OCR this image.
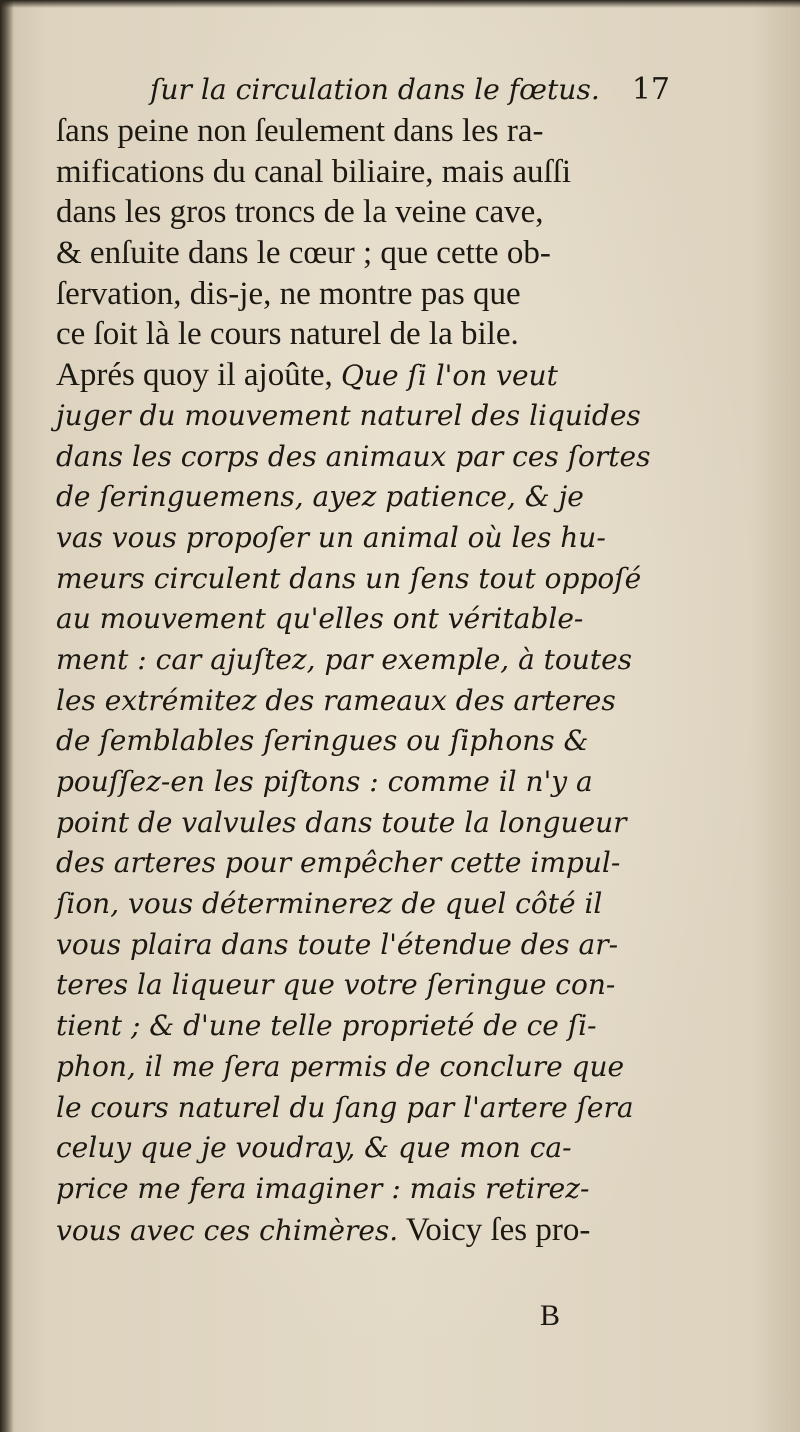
ſur la circulation dans le fœtus.	17
ſans peine non ſeulement dans les ra-
mifications du canal biliaire, mais auſſi
dans les gros troncs de la veine cave,
& enſuite dans le cœur ; que cette ob-
ſervation, dis-je, ne montre pas que
ce ſoit là le cours naturel de la bile.
Aprés quoy il ajoûte, Que ſi l'on veut
juger du mouvement naturel des liquides
dans les corps des animaux par ces ſortes
de ſeringuemens, ayez patience, & je
vas vous propoſer un animal où les hu-
meurs circulent dans un ſens tout oppoſé
au mouvement qu'elles ont véritable-
ment : car ajuſtez, par exemple, à toutes
les extrémitez des rameaux des arteres
de ſemblables ſeringues ou ſiphons &
pouſſez-en les piſtons : comme il n'y a
point de valvules dans toute la longueur
des arteres pour empêcher cette impul-
ſion, vous déterminerez de quel côté il
vous plaira dans toute l'étendue des ar-
teres la liqueur que votre ſeringue con-
tient ; & d'une telle proprieté de ce ſi-
phon, il me ſera permis de conclure que
le cours naturel du ſang par l'artere ſera
celuy que je voudray, & que mon ca-
price me fera imaginer : mais retirez-
vous avec ces chimères. Voicy ſes pro-
B
